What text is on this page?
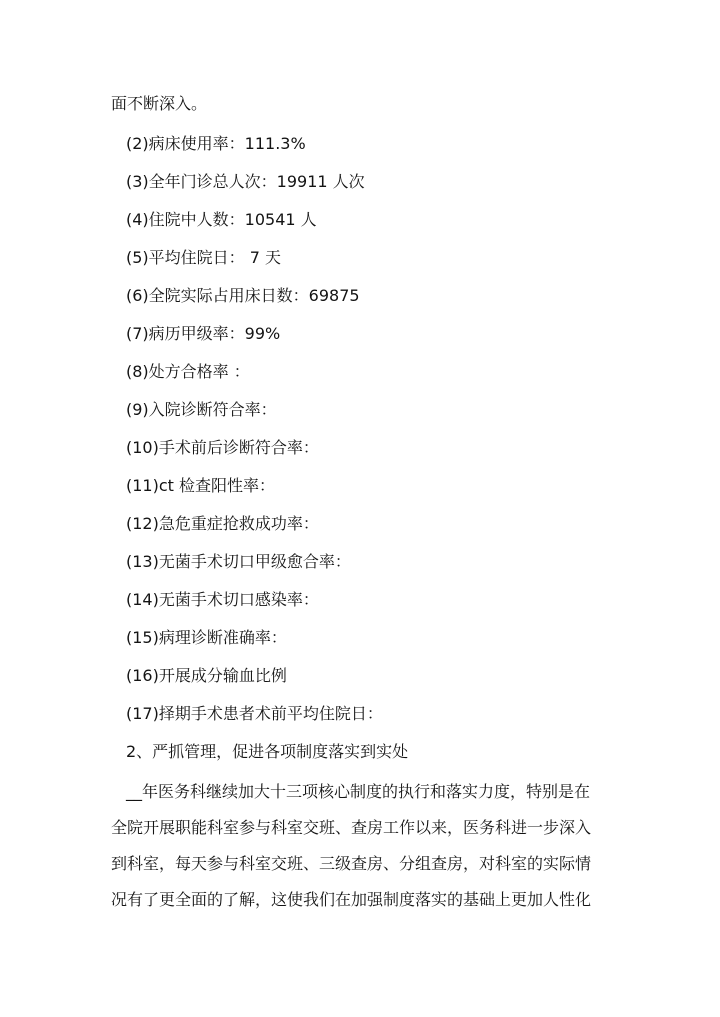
面不断深入。
(2)病床使用率：111.3%
(3)全年门诊总人次：19911 人次
(4)住院中人数：10541 人
(5)平均住院日： 7 天
(6)全院实际占用床日数：69875
(7)病历甲级率：99%
(8)处方合格率 ：
(9)入院诊断符合率：
(10)手术前后诊断符合率：
(11)ct 检查阳性率：
(12)急危重症抢救成功率：
(13)无菌手术切口甲级愈合率：
(14)无菌手术切口感染率：
(15)病理诊断准确率：
(16)开展成分输血比例
(17)择期手术患者术前平均住院日：
2、严抓管理，促进各项制度落实到实处
__年医务科继续加大十三项核心制度的执行和落实力度，特别是在
全院开展职能科室参与科室交班、查房工作以来，医务科进一步深入
到科室，每天参与科室交班、三级查房、分组查房，对科室的实际情
况有了更全面的了解，这使我们在加强制度落实的基础上更加人性化
